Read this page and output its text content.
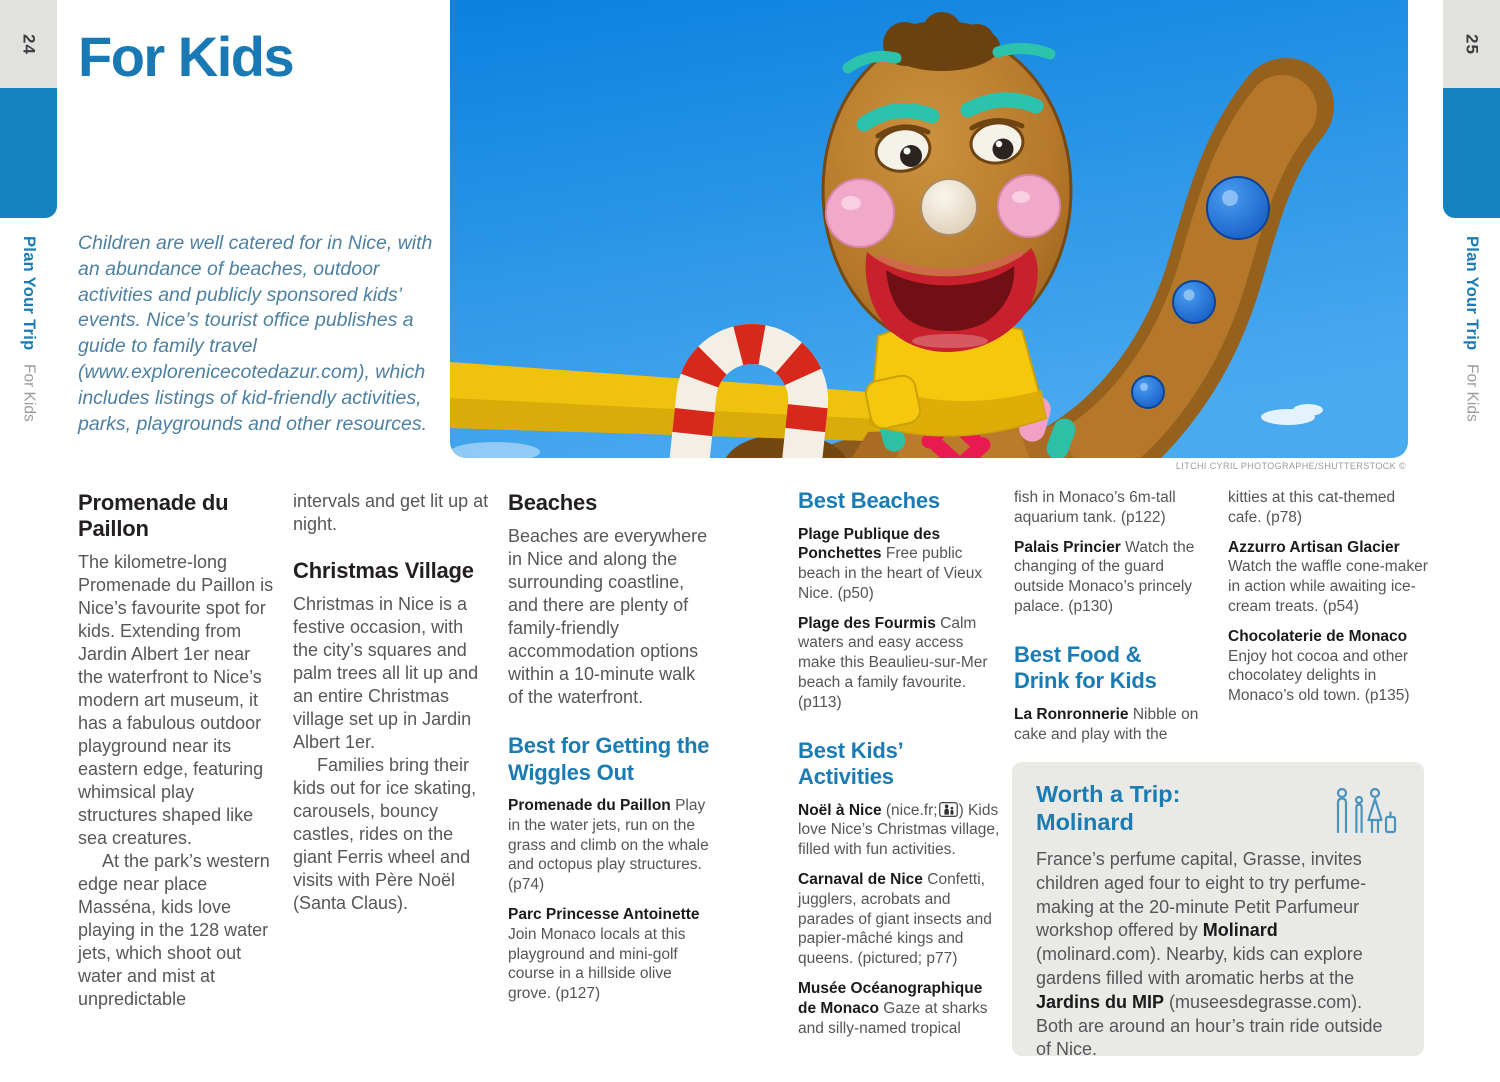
24
Plan Your Trip
For Kids
25
Plan Your Trip
For Kids
For Kids

Children are well catered for in Nice, with an abundance of beaches, outdoor activities and publicly sponsored kids’ events. Nice’s tourist office publishes a guide to family travel (www.explorenicecotedazur.com), which includes listings of kid-friendly activities, parks, playgrounds and other resources.

LITCHI CYRIL PHOTOGRAPHE/SHUTTERSTOCK ©
Promenade du Paillon

The kilometre-long Promenade du Paillon is Nice’s favourite spot for kids. Extending from Jardin Albert 1er near the waterfront to Nice’s modern art museum, it has a fabulous outdoor playground near its eastern edge, featuring whimsical play structures shaped like sea creatures.

At the park’s western edge near place Masséna, kids love playing in the 128 water jets, which shoot out water and mist at unpredictable

intervals and get lit up at night.

Christmas Village

Christmas in Nice is a festive occasion, with the city’s squares and palm trees all lit up and an entire Christmas village set up in Jardin Albert 1er.

Families bring their kids out for ice skating, carousels, bouncy castles, rides on the giant Ferris wheel and visits with Père Noël (Santa Claus).

Beaches

Beaches are everywhere in Nice and along the surrounding coastline, and there are plenty of family-friendly accommodation options within a 10-minute walk of the waterfront.

Best for Getting the Wiggles Out

Promenade du Paillon Play in the water jets, run on the grass and climb on the whale and octopus play structures. (p74)

Parc Princesse Antoinette Join Monaco locals at this playground and mini-golf course in a hillside olive grove. (p127)

Best Beaches

Plage Publique des Ponchettes Free public beach in the heart of Vieux Nice. (p50)

Plage des Fourmis Calm waters and easy access make this Beaulieu-sur-Mer beach a family favourite. (p113)

Best Kids’ Activities

Noël à Nice (nice.fr; ) Kids love Nice’s Christmas village, filled with fun activities.

Carnaval de Nice Confetti, jugglers, acrobats and parades of giant insects and papier-mâché kings and queens. (pictured; p77)

Musée Océanographique de Monaco Gaze at sharks and silly-named tropical

fish in Monaco’s 6m-tall aquarium tank. (p122)

Palais Princier Watch the changing of the guard outside Monaco’s princely palace. (p130)

Best Food & Drink for Kids

La Ronronnerie Nibble on cake and play with the

kitties at this cat-themed cafe. (p78)

Azzurro Artisan Glacier Watch the waffle cone-maker in action while awaiting ice-cream treats. (p54)

Chocolaterie de Monaco Enjoy hot cocoa and other chocolatey delights in Monaco’s old town. (p135)

Worth a Trip: Molinard

France’s perfume capital, Grasse, invites children aged four to eight to try perfume-making at the 20-minute Petit Parfumeur workshop offered by Molinard (molinard.com). Nearby, kids can explore gardens filled with aromatic herbs at the Jardins du MIP (museesdegrasse.com). Both are around an hour’s train ride outside of Nice.
